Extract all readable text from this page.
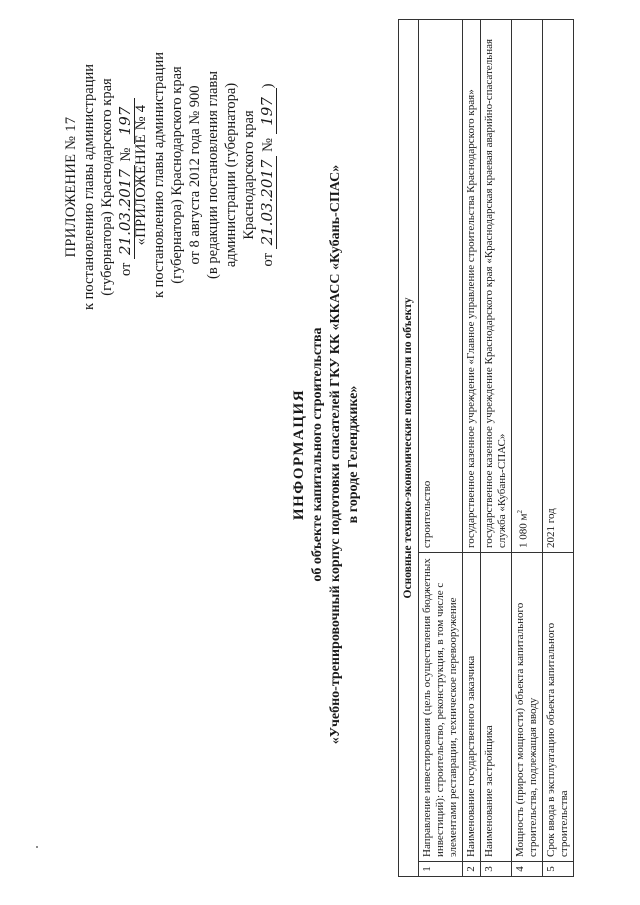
ПРИЛОЖЕНИЕ № 17 к постановлению главы администрации (губернатора) Краснодарского края от 21.03.2017 № 197 «ПРИЛОЖЕНИЕ № 4 к постановлению главы администрации (губернатора) Краснодарского края от 8 августа 2012 года № 900 (в редакции постановления главы администрации (губернатора) Краснодарского края
от 21.03.2017 № 197)
ИНФОРМАЦИЯ об объекте капитального строительства «Учебно-тренировочный корпус подготовки спасателей ГКУ КК «ККАСС «Кубань-СПАС» в городе Геленджике»	Основные технико-экономические показатели по объекту		
1	Направление инвестирования (цель осуществления бюджетных инвестиций): строительство, реконструкция, в том числе с элементами реставрации, техническое перевооружение	строительство
2	Наименование государственного заказчика	государственное казенное учреждение «Главное управление строительства Краснодарского края»
3	Наименование застройщика	государственное казенное учреждение Краснодарского края «Краснодарская краевая аварийно-спасательная служба «Кубань-СПАС»
4	Мощность (прирост мощности) объекта капитального строительства, подлежащая вводу	1 080 $м^2$
5	Срок ввода в эксплуатацию объекта капитального строительства	2021 год
